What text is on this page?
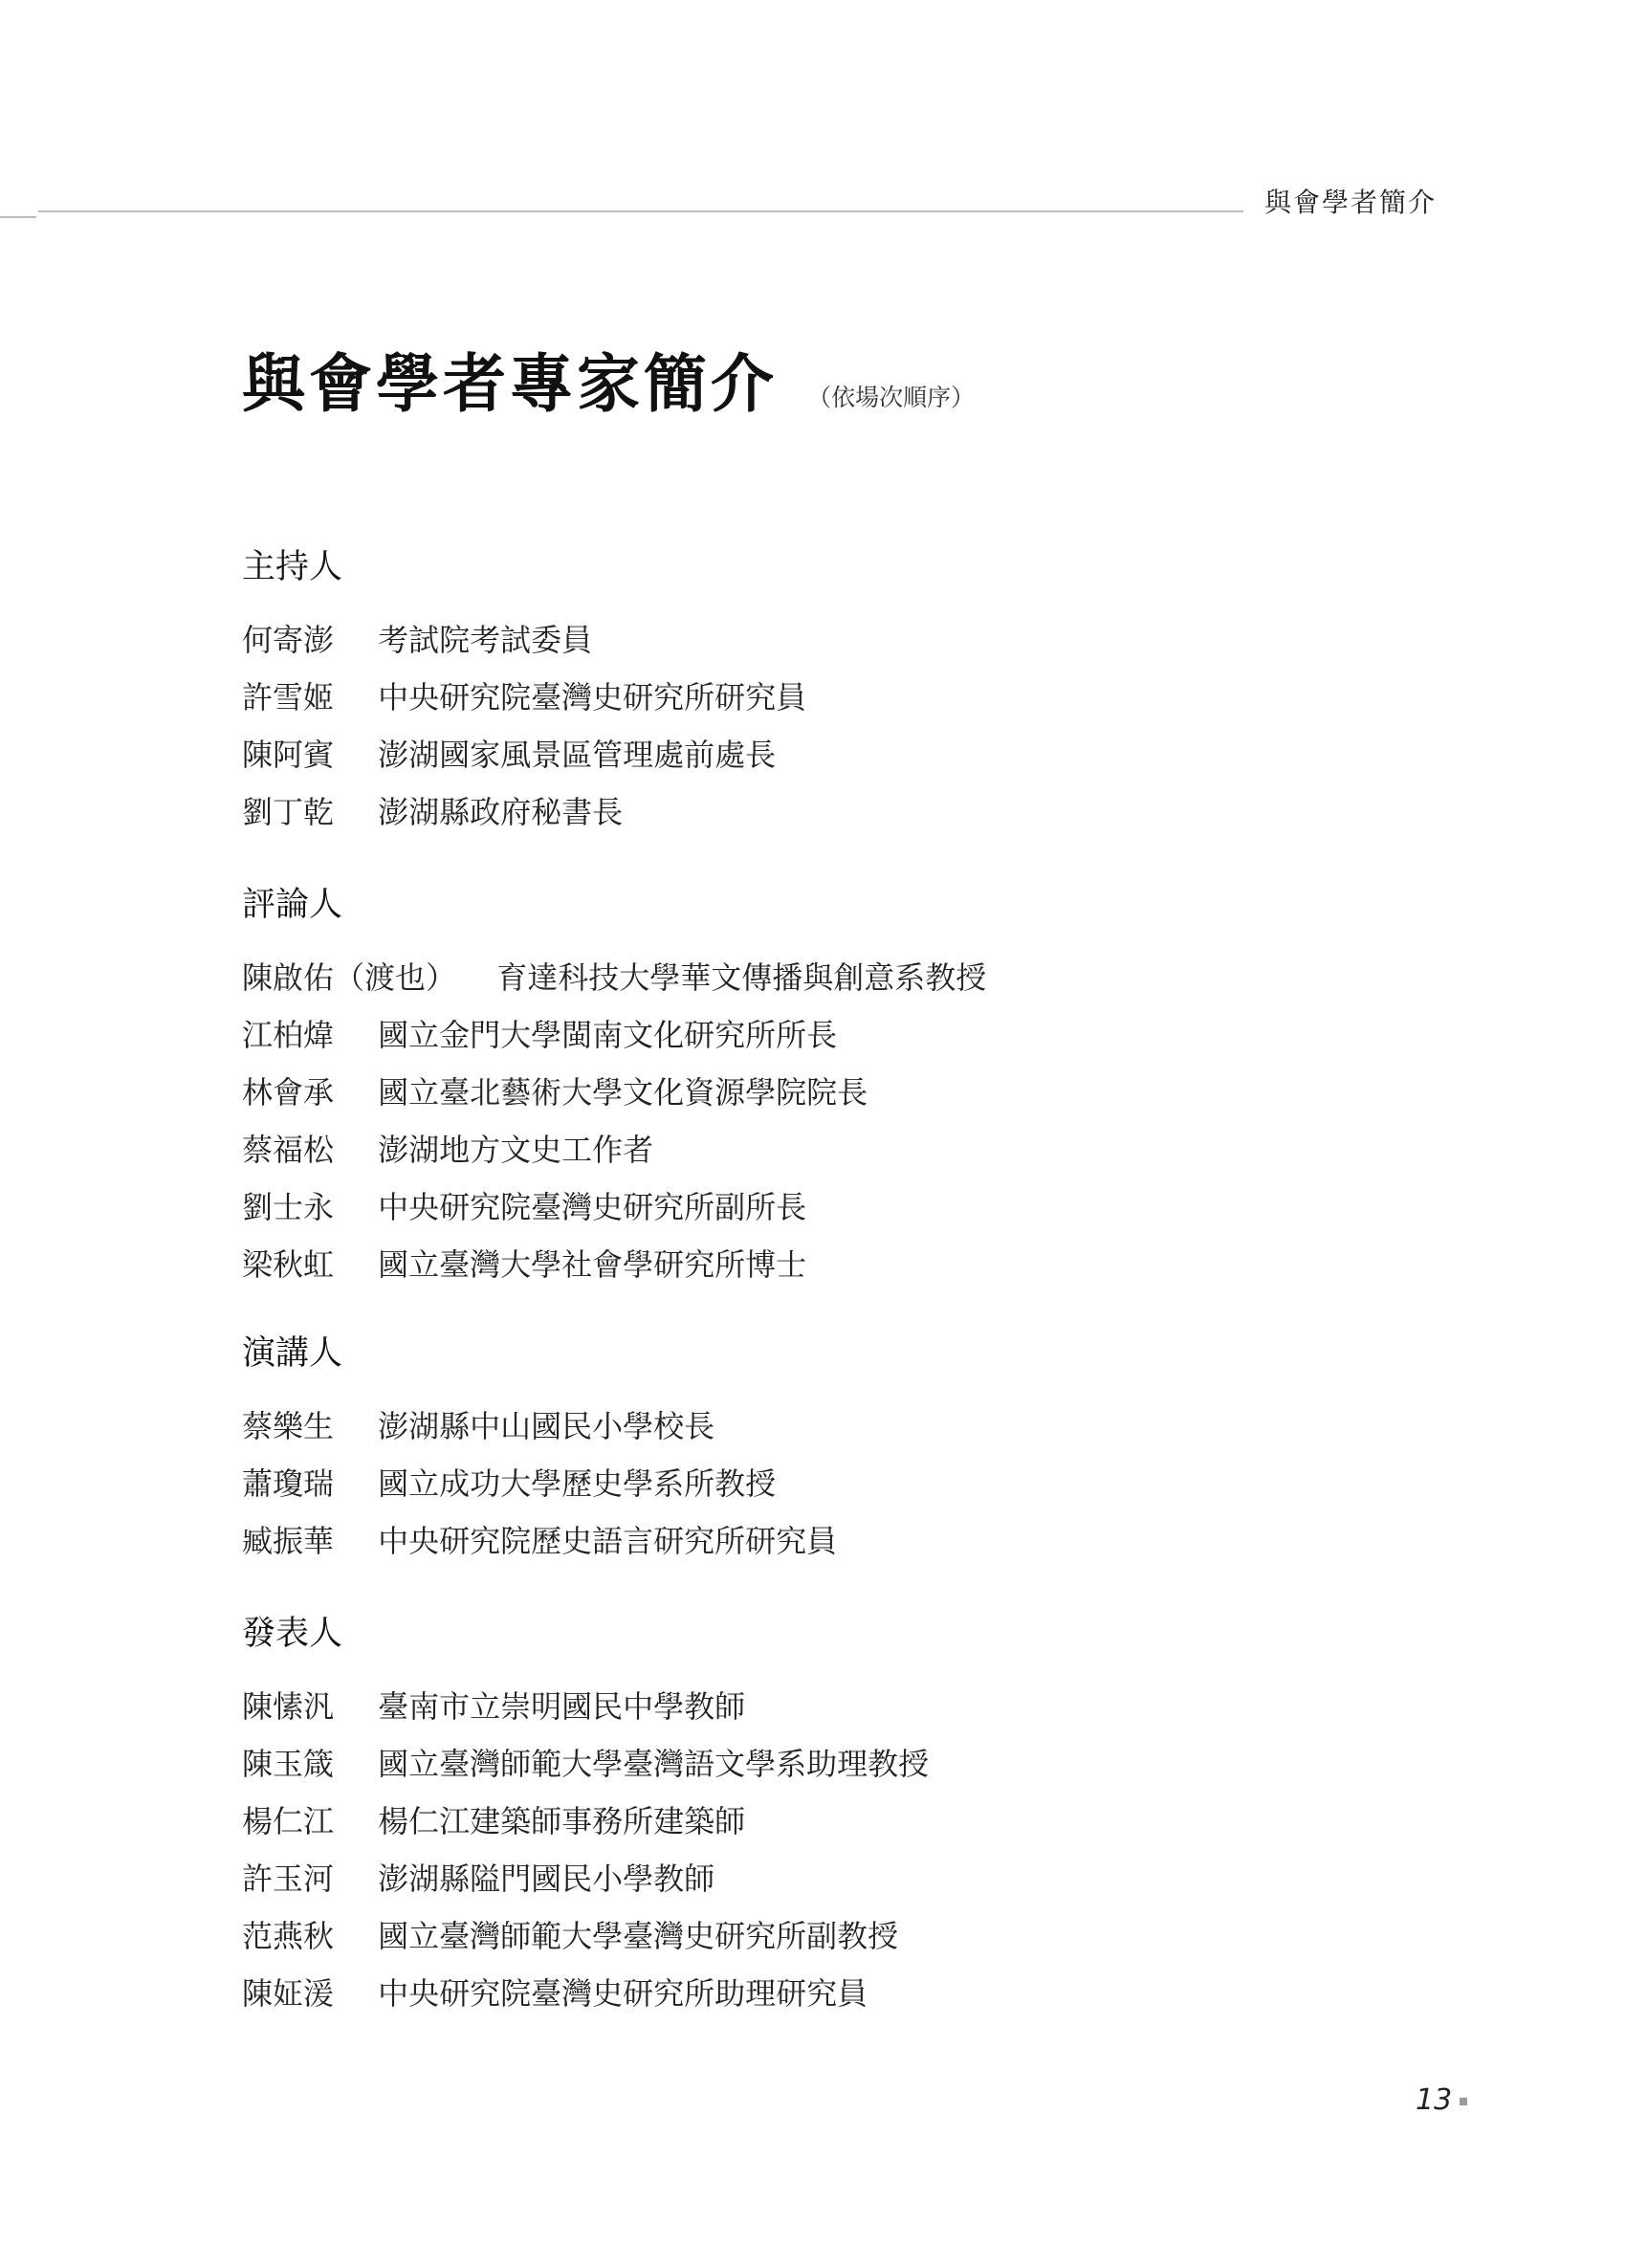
與會學者簡介
與會學者專家簡介 （依場次順序）
主持人
何寄澎 考試院考試委員
許雪姬 中央研究院臺灣史研究所研究員
陳阿賓 澎湖國家風景區管理處前處長
劉丁乾 澎湖縣政府秘書長
評論人
陳啟佑（渡也） 育達科技大學華文傳播與創意系教授
江柏煒 國立金門大學閩南文化研究所所長
林會承 國立臺北藝術大學文化資源學院院長
蔡福松 澎湖地方文史工作者
劉士永 中央研究院臺灣史研究所副所長
梁秋虹 國立臺灣大學社會學研究所博士
演講人
蔡樂生 澎湖縣中山國民小學校長
蕭瓊瑞 國立成功大學歷史學系所教授
臧振華 中央研究院歷史語言研究所研究員
發表人
陳愫汎 臺南市立崇明國民中學教師
陳玉箴 國立臺灣師範大學臺灣語文學系助理教授
楊仁江 楊仁江建築師事務所建築師
許玉河 澎湖縣隘門國民小學教師
范燕秋 國立臺灣師範大學臺灣史研究所副教授
陳姃湲 中央研究院臺灣史研究所助理研究員
13
